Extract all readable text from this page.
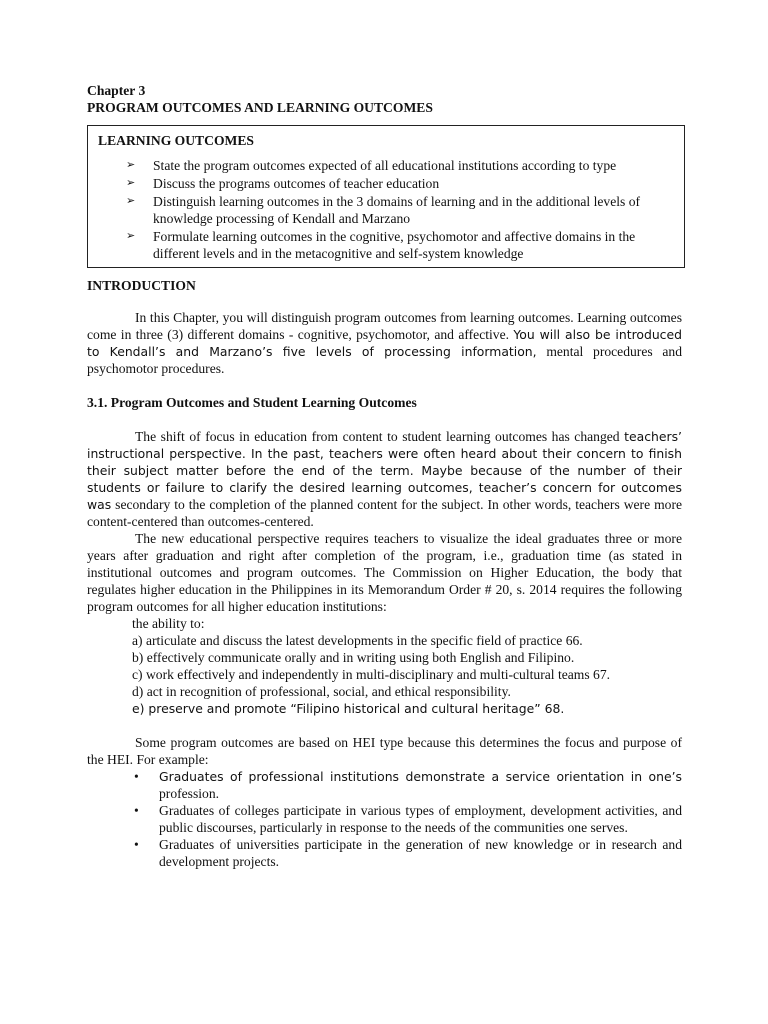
Chapter 3
PROGRAM OUTCOMES AND LEARNING OUTCOMES
LEARNING OUTCOMES
➢ State the program outcomes expected of all educational institutions according to type
➢ Discuss the programs outcomes of teacher education
➢ Distinguish learning outcomes in the 3 domains of learning and in the additional levels of knowledge processing of Kendall and Marzano
➢ Formulate learning outcomes in the cognitive, psychomotor and affective domains in the different levels and in the metacognitive and self-system knowledge
INTRODUCTION

In this Chapter, you will distinguish program outcomes from learning outcomes. Learning outcomes come in three (3) different domains - cognitive, psychomotor, and affective. You will also be introduced to Kendall’s and Marzano’s five levels of processing information, mental procedures and psychomotor procedures.

3.1. Program Outcomes and Student Learning Outcomes

The shift of focus in education from content to student learning outcomes has changed teachers’ instructional perspective. In the past, teachers were often heard about their concern to finish their subject matter before the end of the term. Maybe because of the number of their students or failure to clarify the desired learning outcomes, teacher’s concern for outcomes was secondary to the completion of the planned content for the subject. In other words, teachers were more content-centered than outcomes-centered.

The new educational perspective requires teachers to visualize the ideal graduates three or more years after graduation and right after completion of the program, i.e., graduation time (as stated in institutional outcomes and program outcomes. The Commission on Higher Education, the body that regulates higher education in the Philippines in its Memorandum Order # 20, s. 2014 requires the following program outcomes for all higher education institutions:

the ability to:
a) articulate and discuss the latest developments in the specific field of practice 66.
b) effectively communicate orally and in writing using both English and Filipino.
c) work effectively and independently in multi-disciplinary and multi-cultural teams 67.
d) act in recognition of professional, social, and ethical responsibility.
e) preserve and promote “Filipino historical and cultural heritage” 68.

Some program outcomes are based on HEI type because this determines the focus and purpose of the HEI. For example:

• Graduates of professional institutions demonstrate a service orientation in one’s profession.
• Graduates of colleges participate in various types of employment, development activities, and public discourses, particularly in response to the needs of the communities one serves.
• Graduates of universities participate in the generation of new knowledge or in research and development projects.
